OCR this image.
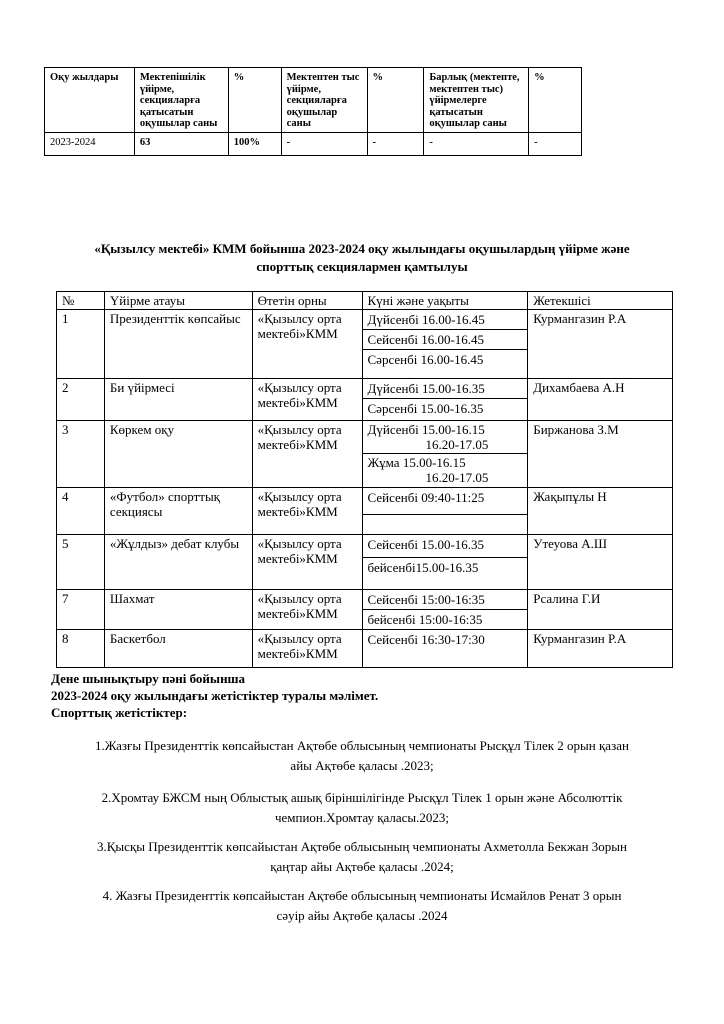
Оқу жылдары	Мектепішілік үйірме, секцияларға қатысатын оқушылар саны	%	Мектептен тыс үйірме, секцияларға оқушылар саны	%	Барлық (мектепте, мектептен тыс) үйірмелерге қатысатын оқушылар саны	%
2023-2024	63	100%	-	-	-	-
«Қызылсу мектебі» КММ бойынша 2023-2024 оқу жылындағы оқушылардың үйірме және
спорттық секциялармен қамтылуы
№	Үйірме атауы	Өтетін орны	Күні және уақыты	Жетекшісі
1	Президенттік көпсайыс	«Қызылсу орта мектебі»КММ	Дүйсенбі 16.00-16.45
Сейсенбі 16.00-16.45
Сәрсенбі 16.00-16.45	Курмангазин Р.А
2	Би үйірмесі	«Қызылсу орта мектебі»КММ	Дүйсенбі 15.00-16.35
Сәрсенбі 15.00-16.35	Дихамбаева А.Н
3	Көркем оқу	«Қызылсу орта мектебі»КММ	Дүйсенбі 15.00-16.15
16.20-17.05
Жұма 15.00-16.15
16.20-17.05	Биржанова З.М
4	«Футбол» спорттық секциясы	«Қызылсу орта мектебі»КММ	Сейсенбі 09:40-11:25	Жақыпұлы Н
5	«Жұлдыз» дебат клубы	«Қызылсу орта мектебі»КММ	Сейсенбі 15.00-16.35
бейсенбі15.00-16.35	Утеуова А.Ш
7	Шахмат	«Қызылсу орта мектебі»КММ	Сейсенбі 15:00-16:35
бейсенбі 15:00-16:35	Рсалина Г.И
8	Баскетбол	«Қызылсу орта мектебі»КММ	Сейсенбі 16:30-17:30	Курмангазин Р.А
Дене шынықтыру пәні бойынша
2023-2024 оқу жылындағы жетістіктер туралы мәлімет.
Спорттық жетістіктер:
1.Жазғы Президенттік көпсайыстан Ақтөбе облысының чемпионаты Рысқұл Тілек 2 орын қазан
айы Ақтөбе қаласы .2023;
2.Хромтау БЖСМ ның Облыстық ашық біріншілігінде Рысқұл Тілек 1 орын және Абсолюттік
чемпион.Хромтау қаласы.2023;
3.Қысқы Президенттік көпсайыстан Ақтөбе облысының чемпионаты Ахметолла Бекжан 3орын
қаңтар айы Ақтөбе қаласы .2024;
4. Жазғы Президенттік көпсайыстан Ақтөбе облысының чемпионаты Исмайлов Ренат 3 орын
сәуір айы Ақтөбе қаласы .2024
